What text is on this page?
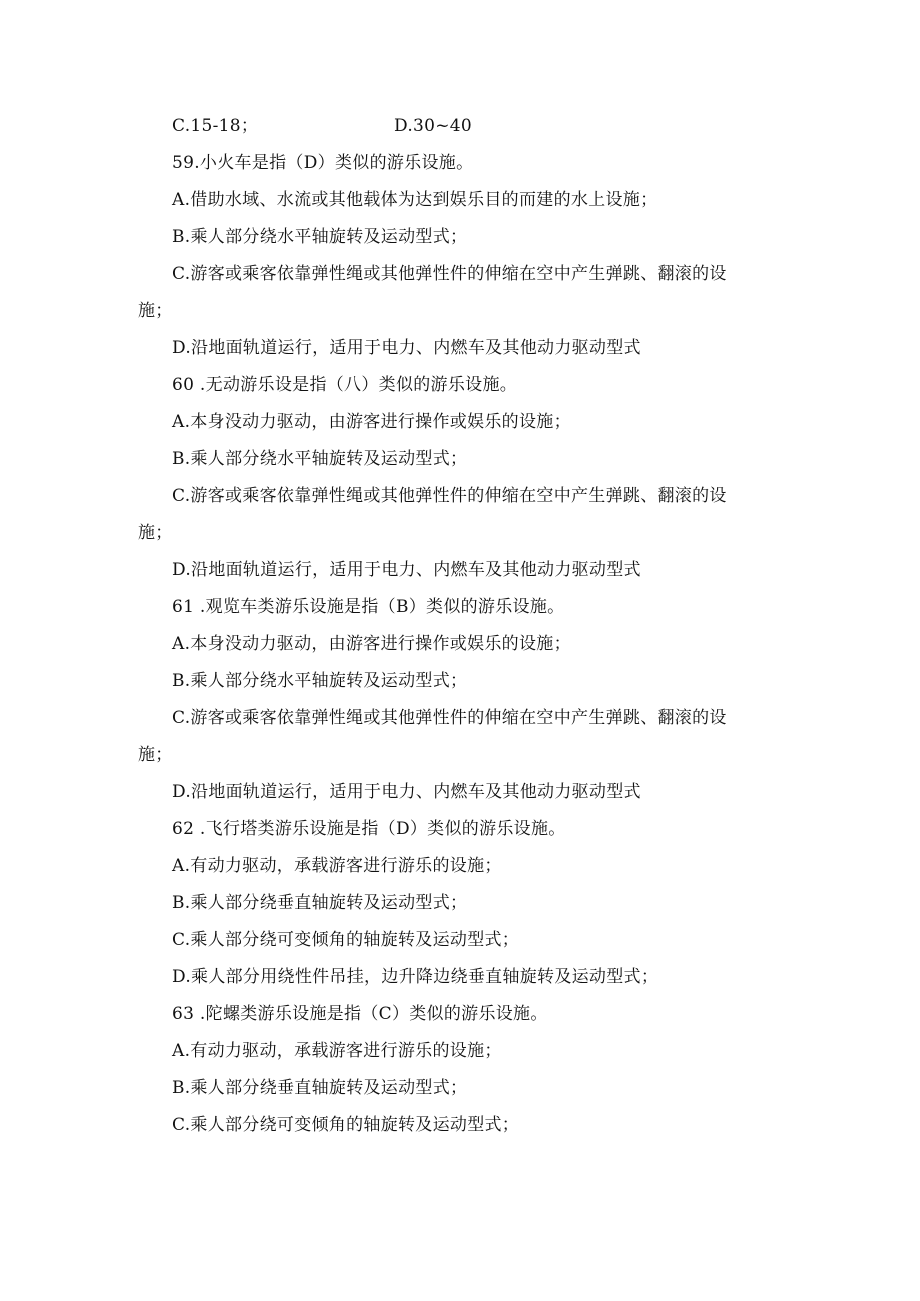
C.15-18；	D.30~40
59.小火车是指（D）类似的游乐设施。
A.借助水域、水流或其他载体为达到娱乐目的而建的水上设施；
B.乘人部分绕水平轴旋转及运动型式；
C.游客或乘客依靠弹性绳或其他弹性件的伸缩在空中产生弹跳、翻滚的设
施；
D.沿地面轨道运行，适用于电力、内燃车及其他动力驱动型式
60 .无动游乐设是指（八）类似的游乐设施。
A.本身没动力驱动，由游客进行操作或娱乐的设施；
B.乘人部分绕水平轴旋转及运动型式；
C.游客或乘客依靠弹性绳或其他弹性件的伸缩在空中产生弹跳、翻滚的设
施；
D.沿地面轨道运行，适用于电力、内燃车及其他动力驱动型式
61 .观览车类游乐设施是指（B）类似的游乐设施。
A.本身没动力驱动，由游客进行操作或娱乐的设施；
B.乘人部分绕水平轴旋转及运动型式；
C.游客或乘客依靠弹性绳或其他弹性件的伸缩在空中产生弹跳、翻滚的设
施；
D.沿地面轨道运行，适用于电力、内燃车及其他动力驱动型式
62 .飞行塔类游乐设施是指（D）类似的游乐设施。
A.有动力驱动，承载游客进行游乐的设施；
B.乘人部分绕垂直轴旋转及运动型式；
C.乘人部分绕可变倾角的轴旋转及运动型式；
D.乘人部分用绕性件吊挂，边升降边绕垂直轴旋转及运动型式；
63 .陀螺类游乐设施是指（C）类似的游乐设施。
A.有动力驱动，承载游客进行游乐的设施；
B.乘人部分绕垂直轴旋转及运动型式；
C.乘人部分绕可变倾角的轴旋转及运动型式；
